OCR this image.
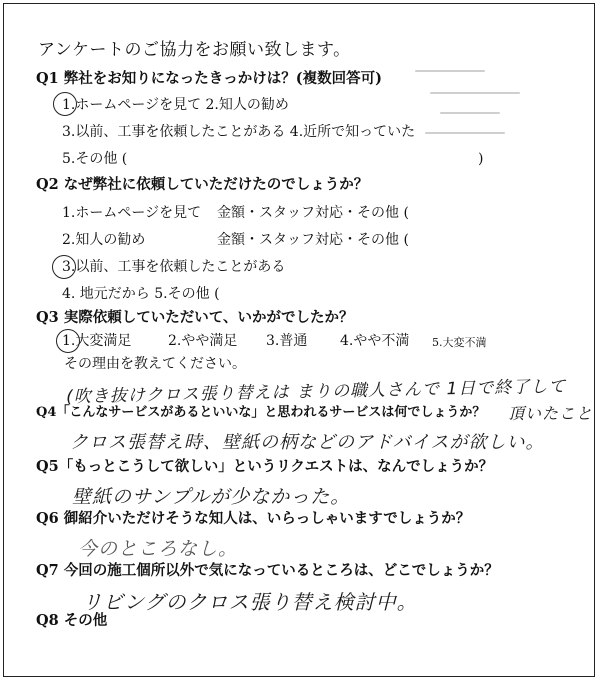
アンケートのご協力をお願い致します。
Q1 弊社をお知りになったきっかけは？(複数回答可)
1.ホームページを見て 2.知人の勧め
3.以前、工事を依頼したことがある 4.近所で知っていた
5.その他 (	)
Q2 なぜ弊社に依頼していただけたのでしょうか？
1.ホームページを見て 金額・スタッフ対応・その他 (
2.知人の勧め	金額・スタッフ対応・その他 (
3.以前、工事を依頼したことがある
4. 地元だから 5.その他 (
Q3 実際依頼していただいて、いかがでしたか？
1.大変満足	2.やや満足 3.普通 4.やや不満 5.大変不満
その理由を教えてください。
(吹き抜けクロス張り替えは まりの職人さんで 1日で終了して
頂いたこと
Q4「こんなサービスがあるといいな」と思われるサービスは何でしょうか？
クロス張替え時、壁紙の柄などのアドバイスが欲しい。
Q5「もっとこうして欲しい」というリクエストは、なんでしょうか？
壁紙のサンプルが少なかった。
Q6 御紹介いただけそうな知人は、いらっしゃいますでしょうか？
今のところなし。
Q7 今回の施工個所以外で気になっているところは、どこでしょうか？
リビングのクロス張り替え検討中。
Q8 その他
